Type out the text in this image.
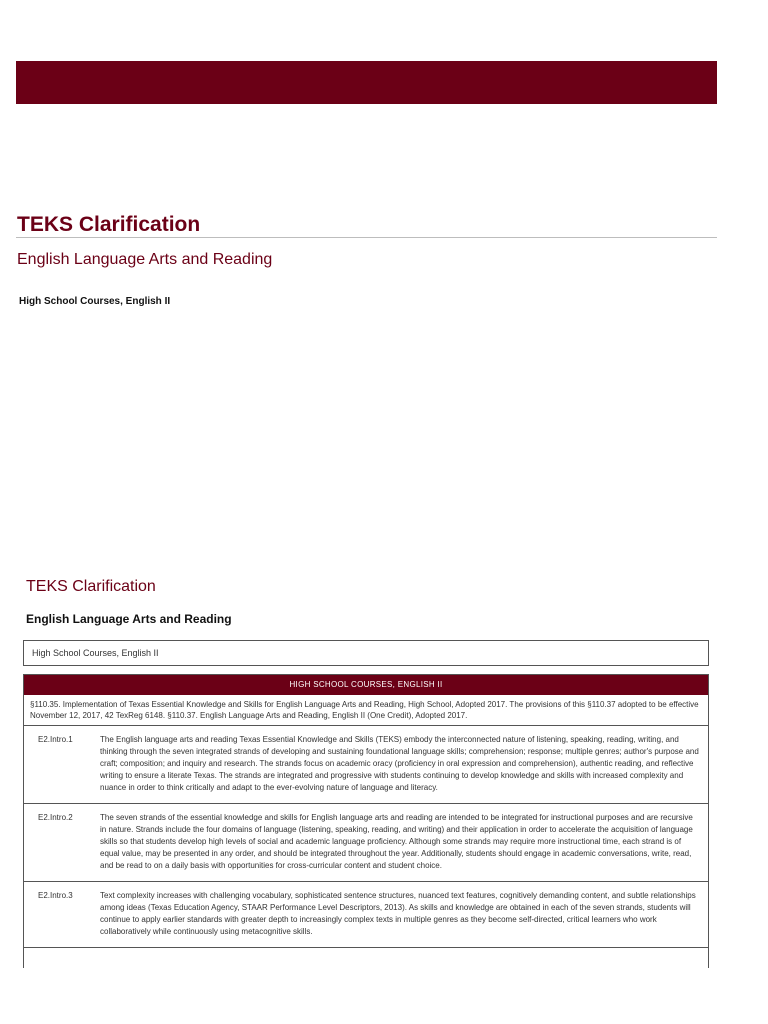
TEKS Clarification
English Language Arts and Reading
High School Courses, English II
TEKS Clarification
English Language Arts and Reading
High School Courses, English II
HIGH SCHOOL COURSES, ENGLISH II
§110.35. Implementation of Texas Essential Knowledge and Skills for English Language Arts and Reading, High School, Adopted 2017. The provisions of this §110.37 adopted to be effective November 12, 2017, 42 TexReg 6148. §110.37. English Language Arts and Reading, English II (One Credit), Adopted 2017.
E2.Intro.1	The English language arts and reading Texas Essential Knowledge and Skills (TEKS) embody the interconnected nature of listening, speaking, reading, writing, and thinking through the seven integrated strands of developing and sustaining foundational language skills; comprehension; response; multiple genres; author's purpose and craft; composition; and inquiry and research. The strands focus on academic oracy (proficiency in oral expression and comprehension), authentic reading, and reflective writing to ensure a literate Texas. The strands are integrated and progressive with students continuing to develop knowledge and skills with increased complexity and nuance in order to think critically and adapt to the ever-evolving nature of language and literacy.
E2.Intro.2	The seven strands of the essential knowledge and skills for English language arts and reading are intended to be integrated for instructional purposes and are recursive in nature. Strands include the four domains of language (listening, speaking, reading, and writing) and their application in order to accelerate the acquisition of language skills so that students develop high levels of social and academic language proficiency. Although some strands may require more instructional time, each strand is of equal value, may be presented in any order, and should be integrated throughout the year. Additionally, students should engage in academic conversations, write, read, and be read to on a daily basis with opportunities for cross-curricular content and student choice.
E2.Intro.3	Text complexity increases with challenging vocabulary, sophisticated sentence structures, nuanced text features, cognitively demanding content, and subtle relationships among ideas (Texas Education Agency, STAAR Performance Level Descriptors, 2013). As skills and knowledge are obtained in each of the seven strands, students will continue to apply earlier standards with greater depth to increasingly complex texts in multiple genres as they become self-directed, critical learners who work collaboratively while continuously using metacognitive skills.
